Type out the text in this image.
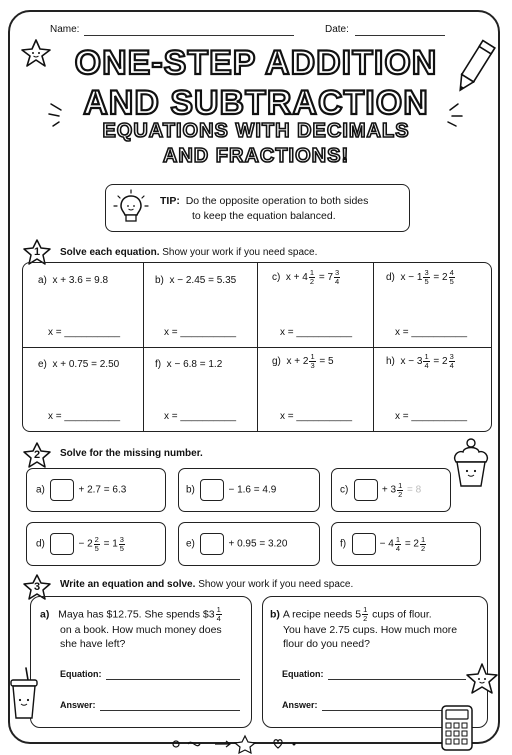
Name:	Date:
ONE-STEP ADDITION
AND SUBTRACTION
EQUATIONS WITH DECIMALS
AND FRACTIONS!
TIP: Do the opposite operation to both sides
to keep the equation balanced.
1 Solve each equation. Show your work if you need space.
a) x + 3.6 = 9.8	b) x − 2.45 = 5.35	c) $x + 4 \frac{1}{2} = 7 \frac{3}{4}$	d) $x - 1 \frac{3}{5} = 2 \frac{4}{5}$
x = __________	x = __________	x = __________	x = __________
e) x + 0.75 = 2.50	f) x − 6.8 = 1.2	g) $x + 2 \frac{1}{3} = 5$	h) $x - 3 \frac{1}{4} = 2 \frac{3}{4}$
x = __________	x = __________	x = __________	x = __________
2 Solve for the missing number.
a)	+ 2.7 = 6.3	b)	− 1.6 = 4.9	c)	+ $3 \frac{1}{2} = 8$
d)	− $2 \frac{2}{5} = 1 \frac{3}{5}$	e)	+ 0.95 = 3.20	f)	− $4 \frac{1}{4} = 2 \frac{1}{2}$
3 Write an equation and solve. Show your work if you need space.
a) Maya has $12.75. She spends $3 $\frac{1}{4}$

on a book. How much money does
she have left?
b) A recipe needs $5 \frac{1}{2}$ cups of flour.
You have 2.75 cups. How much more
flour do you need?
Equation:
Answer:
Equation:
Answer:
